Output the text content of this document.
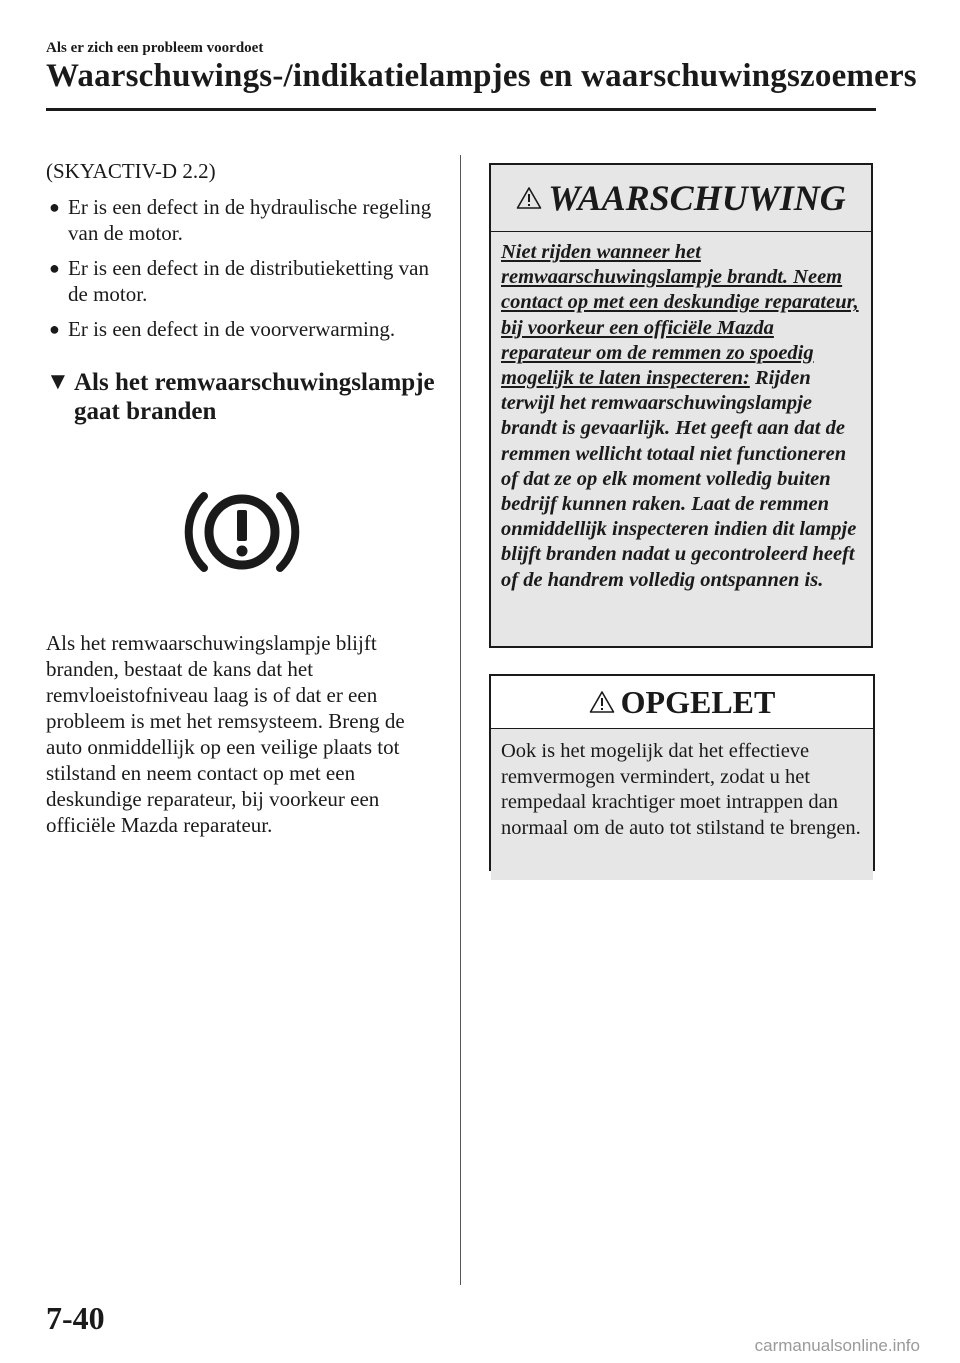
Als er zich een probleem voordoet
Waarschuwings-/indikatielampjes en waarschuwingszoemers
(SKYACTIV-D 2.2)
● Er is een defect in de hydraulische regeling van de motor.
● Er is een defect in de distributieketting van de motor.
● Er is een defect in de voorverwarming.
▼ Als het remwaarschuwingslampje gaat branden
Als het remwaarschuwingslampje blijft branden, bestaat de kans dat het remvloeistofniveau laag is of dat er een probleem is met het remsysteem. Breng de auto onmiddellijk op een veilige plaats tot stilstand en neem contact op met een deskundige reparateur, bij voorkeur een officiële Mazda reparateur.
WAARSCHUWING
Niet rijden wanneer het remwaarschuwingslampje brandt. Neem contact op met een deskundige reparateur, bij voorkeur een officiële Mazda reparateur om de remmen zo spoedig mogelijk te laten inspecteren: Rijden terwijl het remwaarschuwingslampje brandt is gevaarlijk. Het geeft aan dat de remmen wellicht totaal niet functioneren of dat ze op elk moment volledig buiten bedrijf kunnen raken. Laat de remmen onmiddellijk inspecteren indien dit lampje blijft branden nadat u gecontroleerd heeft of de handrem volledig ontspannen is.
OPGELET
Ook is het mogelijk dat het effectieve remvermogen vermindert, zodat u het rempedaal krachtiger moet intrappen dan normaal om de auto tot stilstand te brengen.
7-40
carmanualsonline.info
